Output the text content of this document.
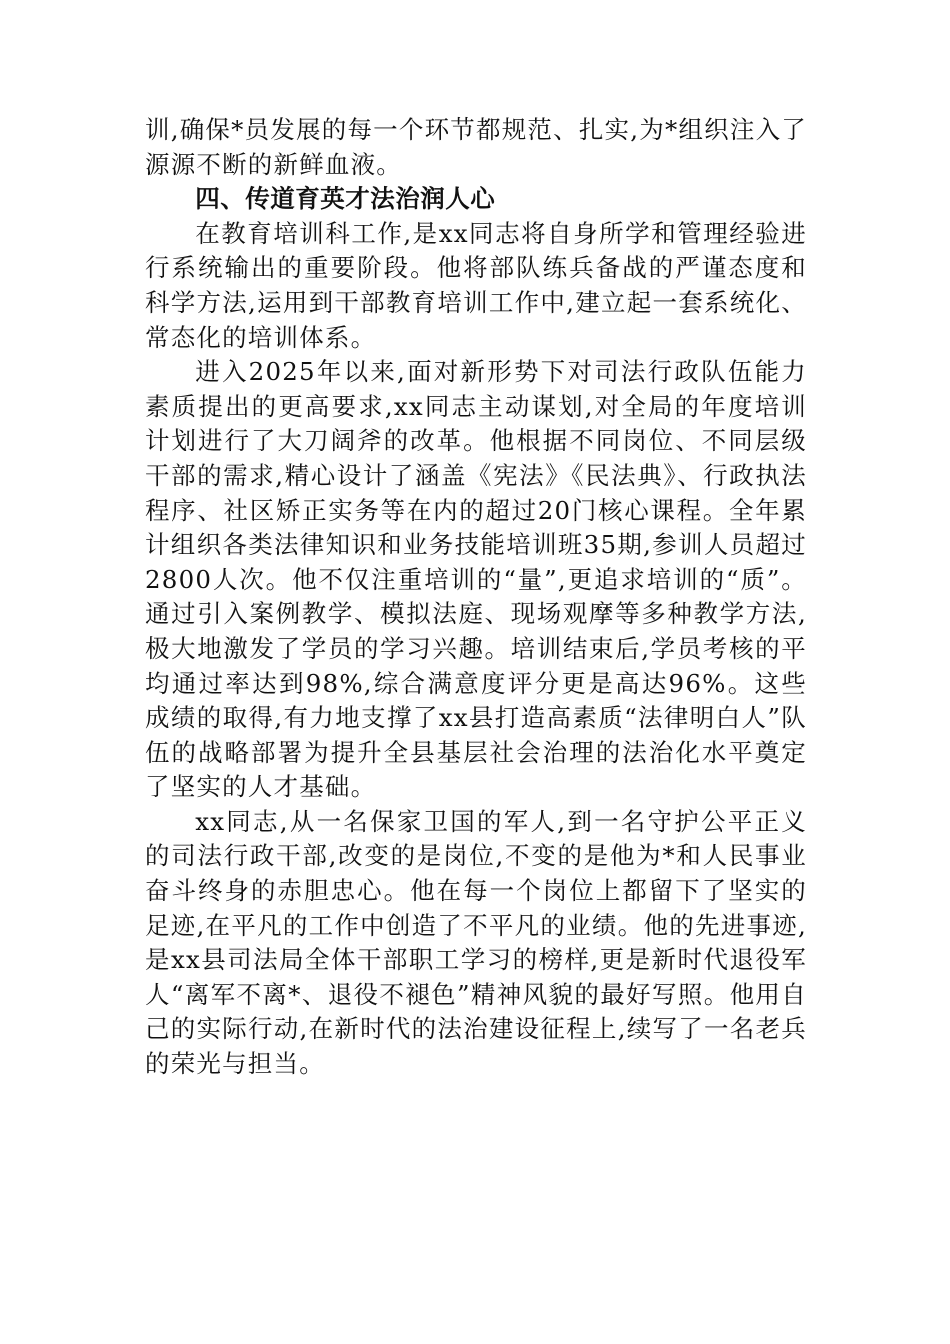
训,确保*员发展的每一个环节都规范、扎实,为*组织注入了源源不断的新鲜血液。

四、传道育英才法治润人心

在教育培训科工作,是xx同志将自身所学和管理经验进行系统输出的重要阶段。他将部队练兵备战的严谨态度和科学方法,运用到干部教育培训工作中,建立起一套系统化、常态化的培训体系。

进入2025年以来,面对新形势下对司法行政队伍能力素质提出的更高要求,xx同志主动谋划,对全局的年度培训计划进行了大刀阔斧的改革。他根据不同岗位、不同层级干部的需求,精心设计了涵盖《宪法》《民法典》、行政执法程序、社区矫正实务等在内的超过20门核心课程。全年累计组织各类法律知识和业务技能培训班35期,参训人员超过2800人次。他不仅注重培训的“量”,更追求培训的“质”。通过引入案例教学、模拟法庭、现场观摩等多种教学方法,极大地激发了学员的学习兴趣。培训结束后,学员考核的平均通过率达到98%,综合满意度评分更是高达96%。这些成绩的取得,有力地支撑了xx县打造高素质“法律明白人”队伍的战略部署为提升全县基层社会治理的法治化水平奠定了坚实的人才基础。

xx同志,从一名保家卫国的军人,到一名守护公平正义的司法行政干部,改变的是岗位,不变的是他为*和人民事业奋斗终身的赤胆忠心。他在每一个岗位上都留下了坚实的足迹,在平凡的工作中创造了不平凡的业绩。他的先进事迹,是xx县司法局全体干部职工学习的榜样,更是新时代退役军人“离军不离*、退役不褪色”精神风貌的最好写照。他用自己的实际行动,在新时代的法治建设征程上,续写了一名老兵的荣光与担当。
